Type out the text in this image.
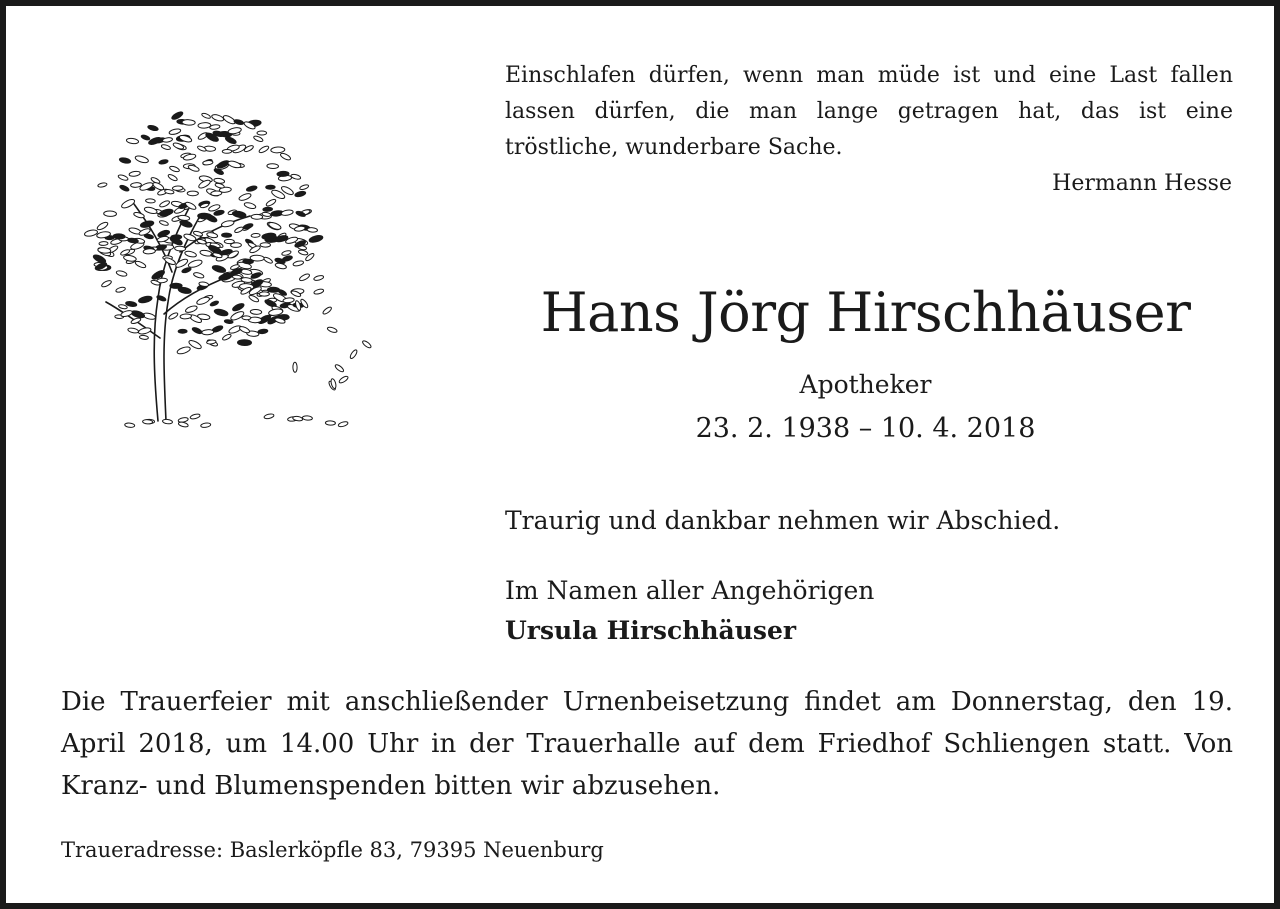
Einschlafen dürfen, wenn man müde ist und eine Last fallen lassen dürfen, die man lange getragen hat, das ist eine tröstliche, wunderbare Sache.
Hermann Hesse
Hans Jörg Hirschhäuser
Apotheker
23. 2. 1938 – 10. 4. 2018
Traurig und dankbar nehmen wir Abschied.
Im Namen aller Angehörigen
Ursula Hirschhäuser
Die Trauerfeier mit anschließender Urnenbeisetzung findet am Donnerstag, den 19. April 2018, um 14.00 Uhr in der Trauerhalle auf dem Friedhof Schliengen statt. Von Kranz- und Blumenspenden bitten wir abzusehen.
Traueradresse: Baslerköpfle 83, 79395 Neuenburg
